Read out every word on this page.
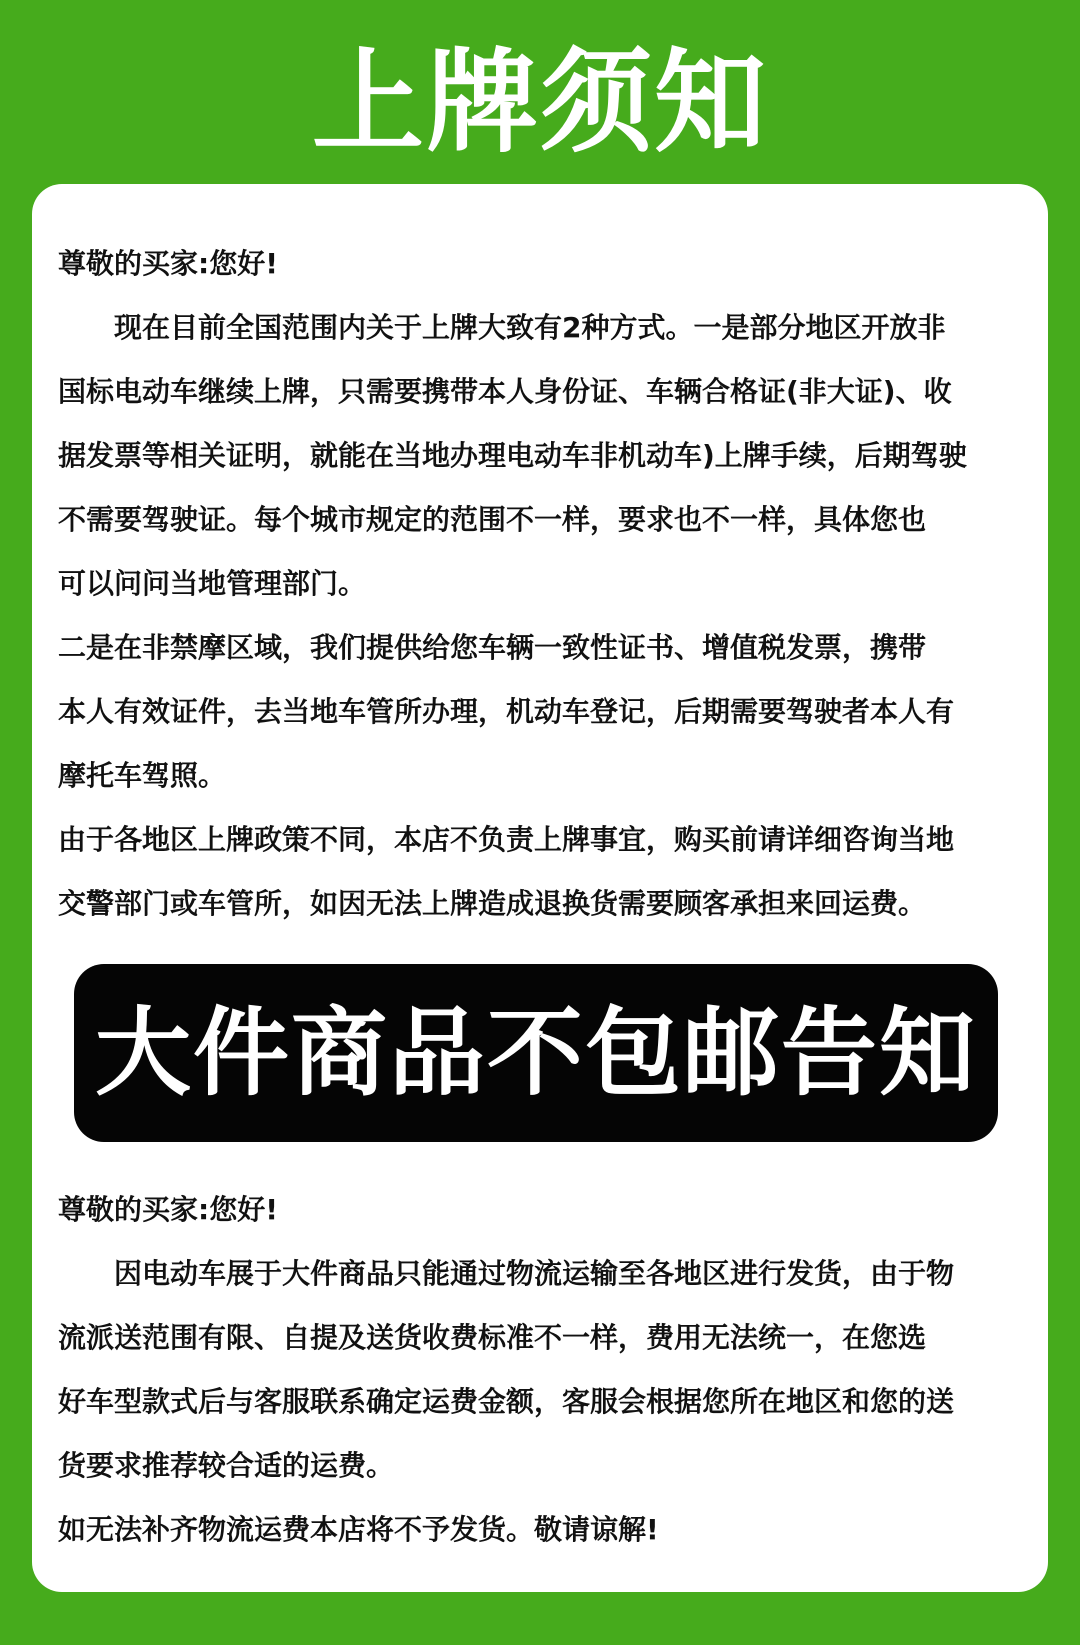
上牌须知
尊敬的买家:您好!
现在目前全国范围内关于上牌大致有2种方式。一是部分地区开放非
国标电动车继续上牌，只需要携带本人身份证、车辆合格证(非大证)、收
据发票等相关证明，就能在当地办理电动车非机动车)上牌手续，后期驾驶
不需要驾驶证。每个城市规定的范围不一样，要求也不一样，具体您也
可以问问当地管理部门。
二是在非禁摩区域，我们提供给您车辆一致性证书、增值税发票，携带
本人有效证件，去当地车管所办理，机动车登记，后期需要驾驶者本人有
摩托车驾照。
由于各地区上牌政策不同，本店不负责上牌事宜，购买前请详细咨询当地
交警部门或车管所，如因无法上牌造成退换货需要顾客承担来回运费。
大件商品不包邮告知
尊敬的买家:您好!
因电动车展于大件商品只能通过物流运输至各地区进行发货，由于物
流派送范围有限、自提及送货收费标准不一样，费用无法统一，在您选
好车型款式后与客服联系确定运费金额，客服会根据您所在地区和您的送
货要求推荐较合适的运费。
如无法补齐物流运费本店将不予发货。敬请谅解!
